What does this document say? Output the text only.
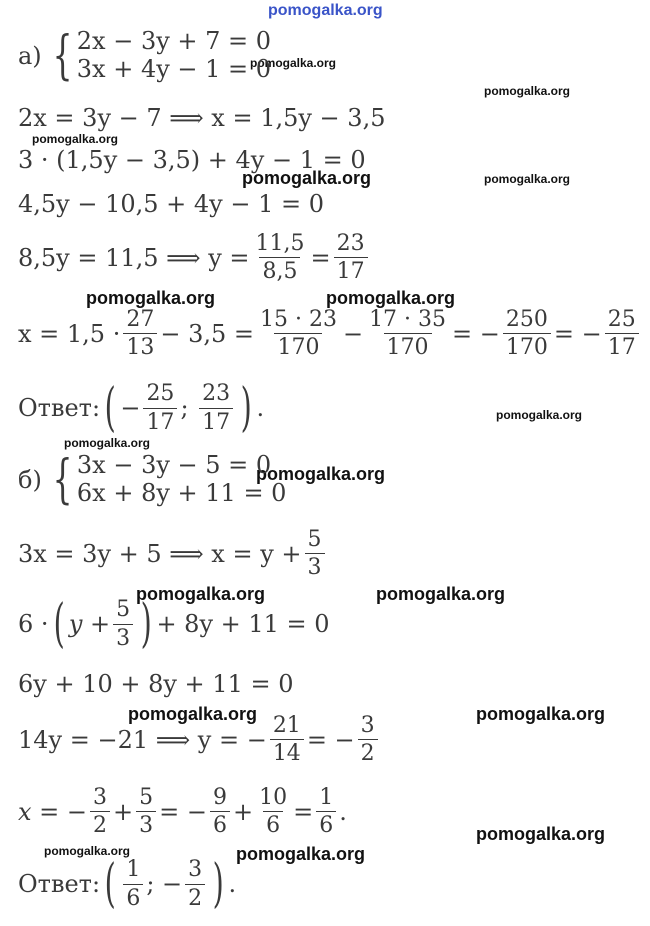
pomogalka.org
pomogalka.org
pomogalka.org
pomogalka.org
pomogalka.org	pomogalka.org
pomogalka.org	pomogalka.org
pomogalka.org
pomogalka.org
pomogalka.org
pomogalka.org	pomogalka.org
pomogalka.org	pomogalka.org
pomogalka.org
pomogalka.org	pomogalka.org
а) { 2x − 3y + 7 = 0
3x + 4y − 1 = 0
2x = 3y − 7 ⟹ x = 1,5y − 3,5
3 · (1,5y − 3,5) + 4y − 1 = 0
4,5y − 10,5 + 4y − 1 = 0
8,5y = 11,5 ⟹ $y = \frac{11,5}{8,5} = \frac{23}{17}$
$x = 1,5 \cdot \frac{27}{13} - 3,5 = \frac{15 \cdot 23}{170} - \frac{17 \cdot 35}{170}$ = − $\frac{250}{170}$ = − $\frac{25}{17}$
Ответ: ( − $\frac{25}{17}$ ; $\frac{23}{17}$ ) .
б) { 3x − 3y − 5 = 0
6x + 8y + 11 = 0
3x = 3y + 5 ⟹ $x = y + \frac{5}{3}$
6 · ( $y + \frac{5}{3}$ ) + 8y + 11 = 0
6y + 10 + 8y + 11 = 0
14y = −21 ⟹ y = − $\frac{21}{14}$ = − $\frac{3}{2}$
x = − $\frac{3}{2} + \frac{5}{3}$ = − $\frac{9}{6} + \frac{10}{6} = \frac{1}{6}$ .
Ответ: ( $\frac{1}{6}$ ; − $\frac{3}{2}$ ) .
